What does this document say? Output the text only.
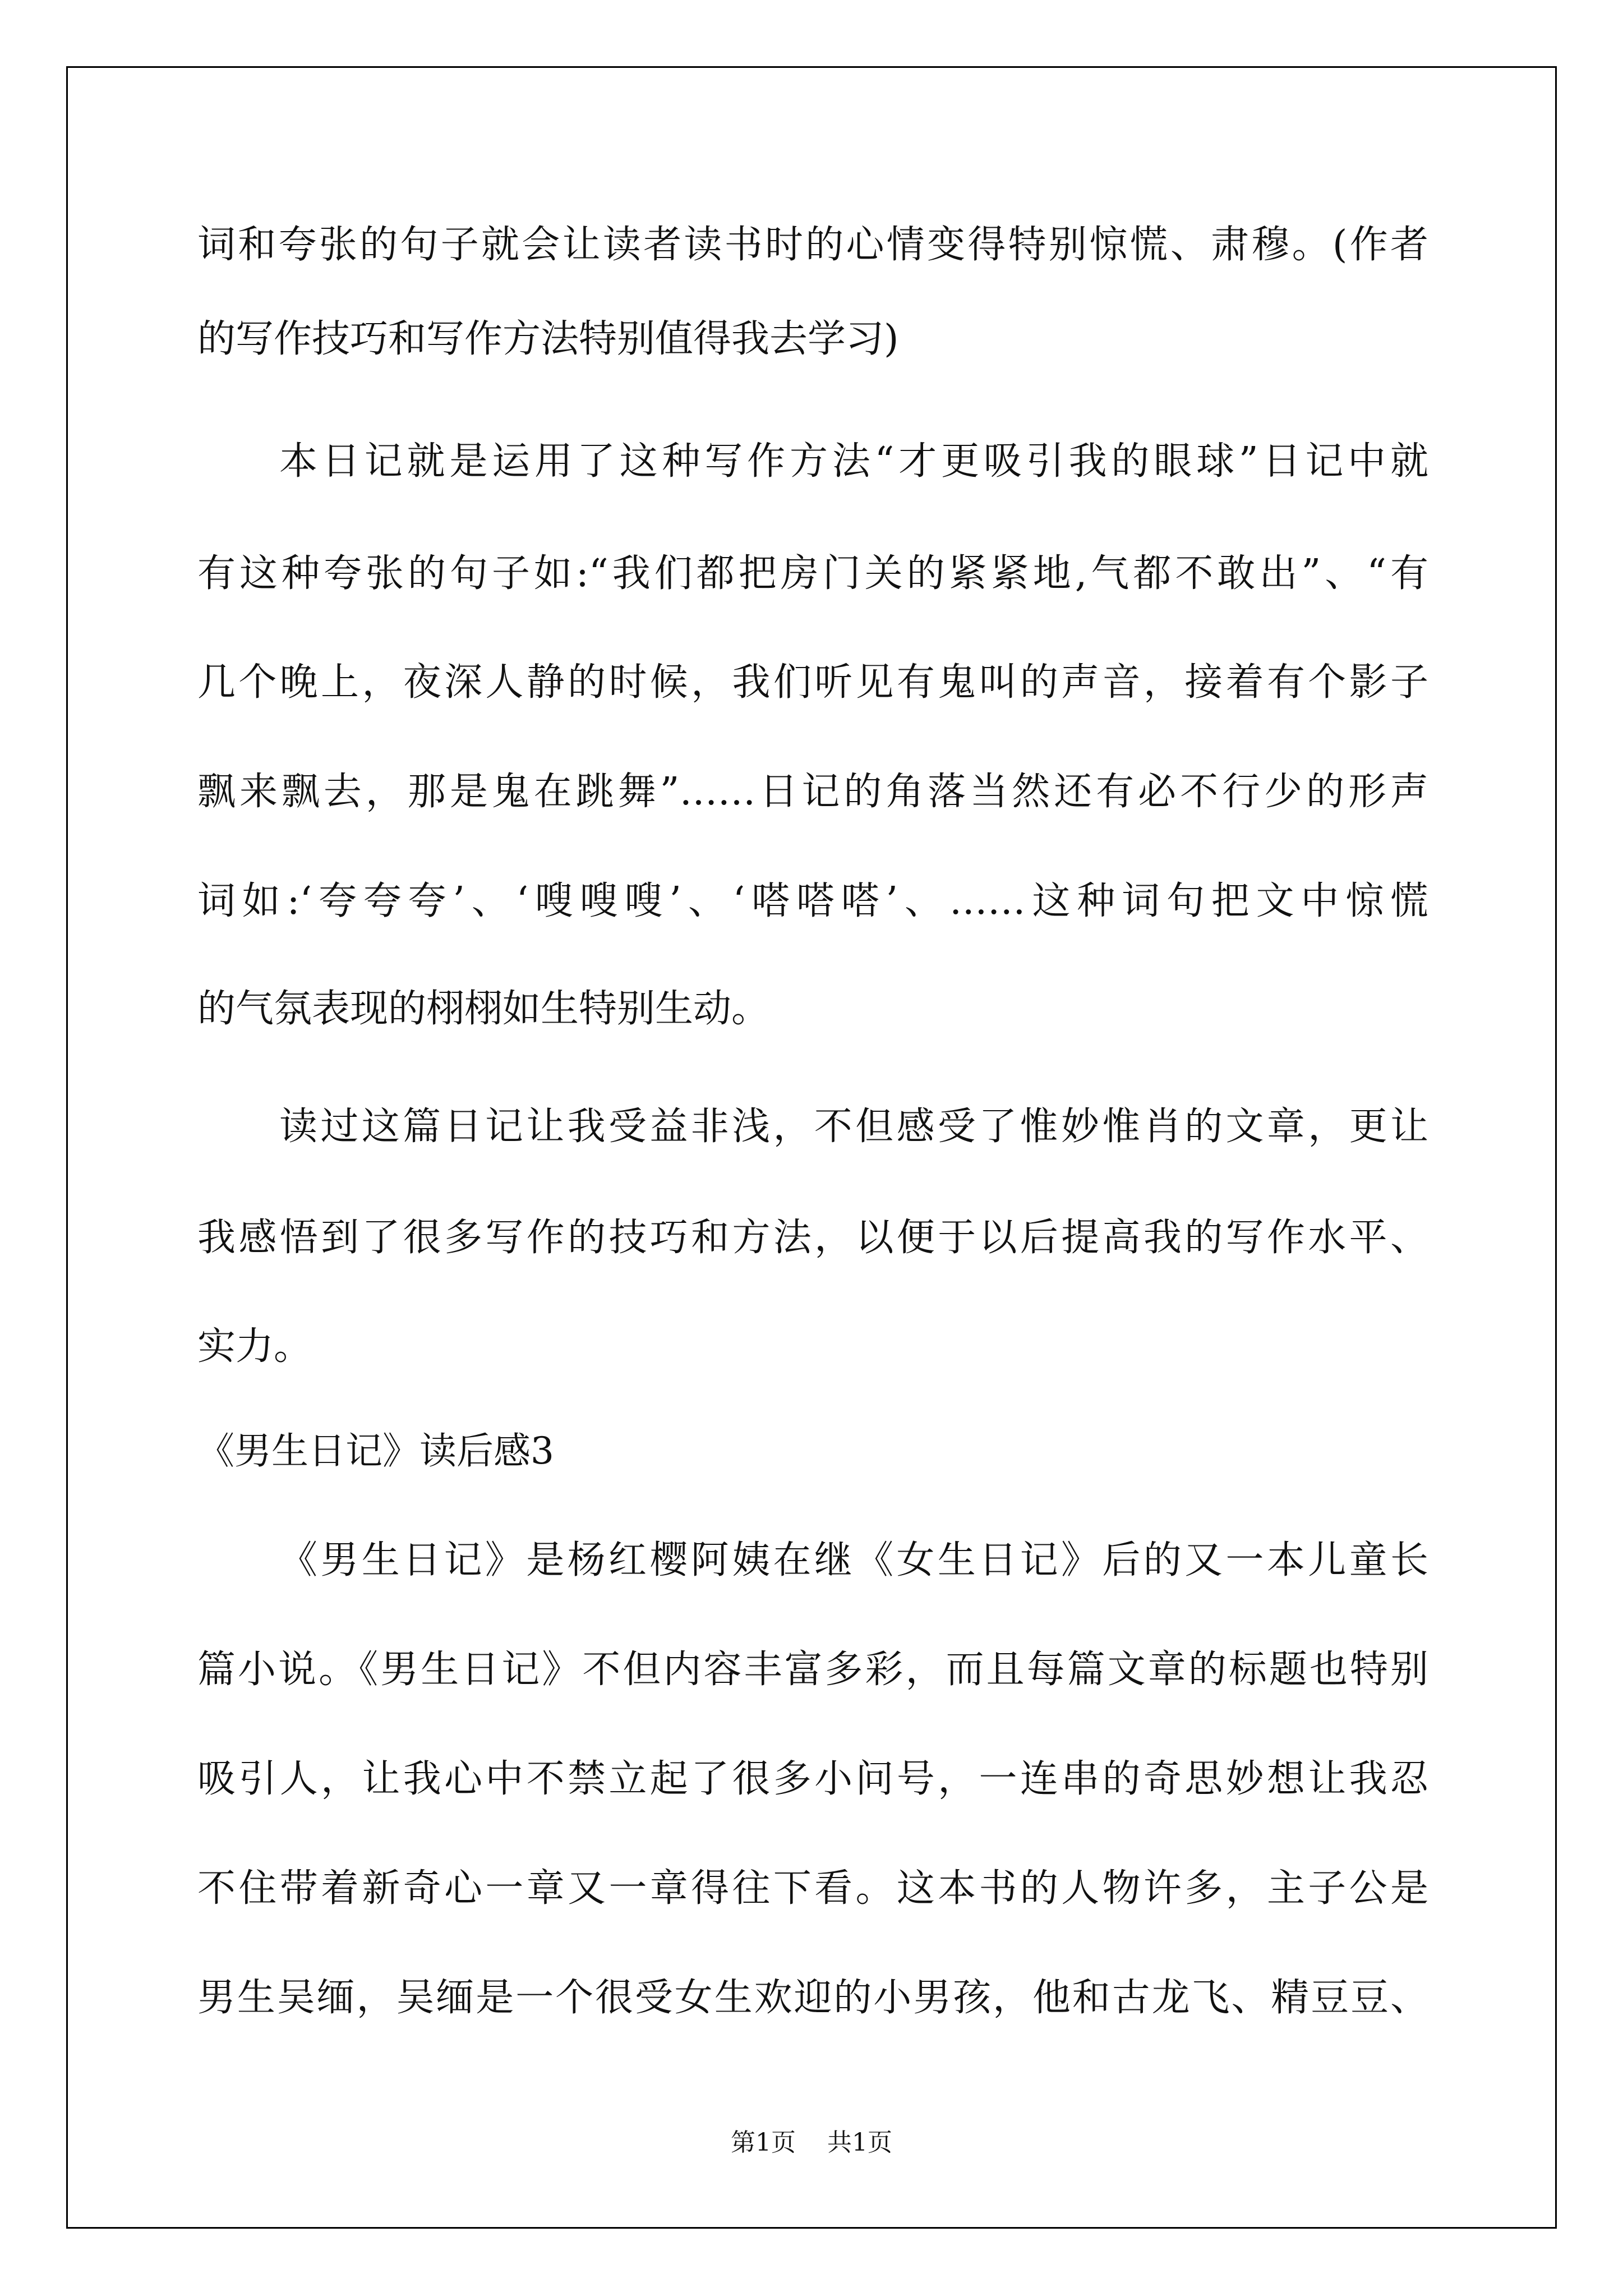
词和夸张的句子就会让读者读书时的心情变得特别惊慌、肃穆。(作者
的写作技巧和写作方法特别值得我去学习)
本日记就是运用了这种写作方法“才更吸引我的眼球”日记中就
有这种夸张的句子如:“我们都把房门关的紧紧地,气都不敢出”、“有
几个晚上，夜深人静的时候，我们听见有鬼叫的声音，接着有个影子
飘来飘去，那是鬼在跳舞”……日记的角落当然还有必不行少的形声
词如:‘夸夸夸’、‘嗖嗖嗖’、‘嗒嗒嗒’、……这种词句把文中惊慌
的气氛表现的栩栩如生特别生动。
读过这篇日记让我受益非浅，不但感受了惟妙惟肖的文章，更让
我感悟到了很多写作的技巧和方法，以便于以后提高我的写作水平、
实力。
《男生日记》读后感3
《男生日记》是杨红樱阿姨在继《女生日记》后的又一本儿童长
篇小说。《男生日记》不但内容丰富多彩，而且每篇文章的标题也特别
吸引人，让我心中不禁立起了很多小问号，一连串的奇思妙想让我忍
不住带着新奇心一章又一章得往下看。这本书的人物许多，主子公是
男生吴缅，吴缅是一个很受女生欢迎的小男孩，他和古龙飞、精豆豆、
第1页 共1页
